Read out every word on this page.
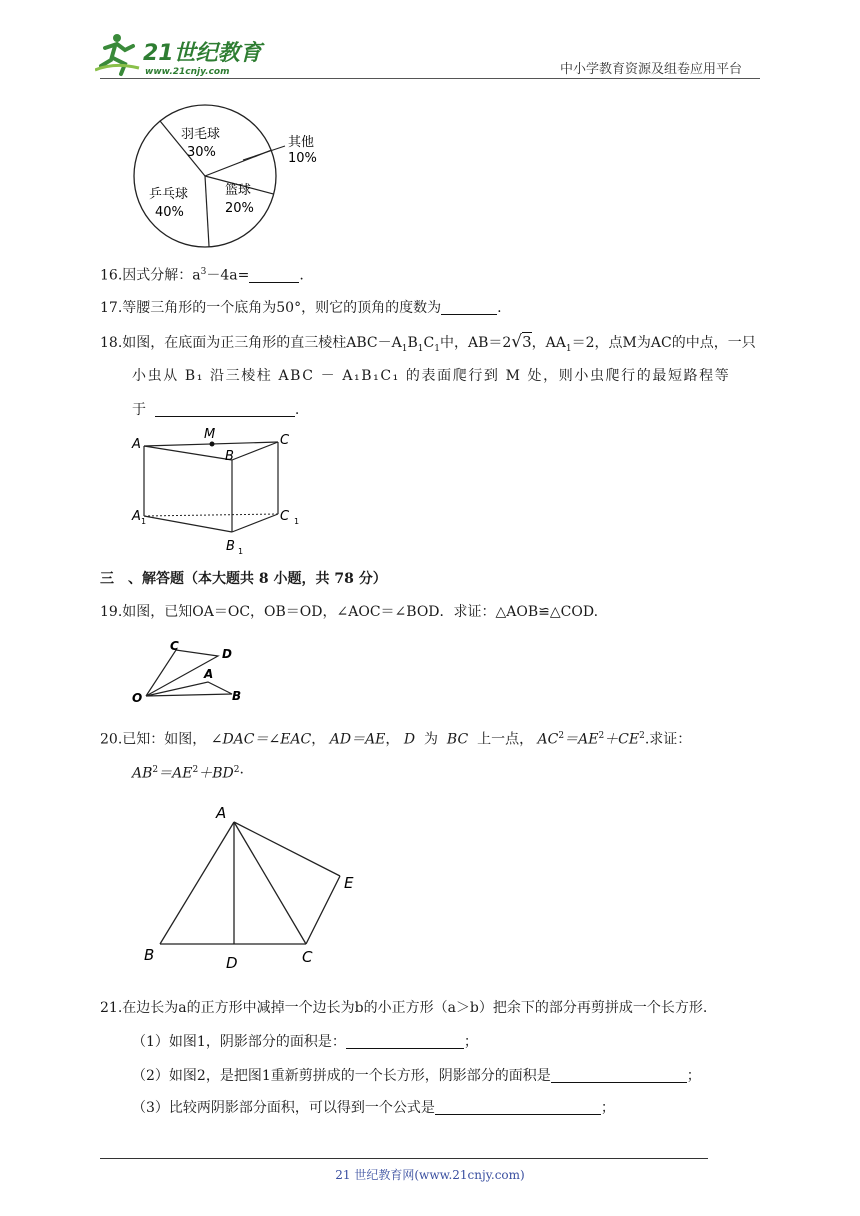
21世纪教育
www.21cnjy.com	中小学教育资源及组卷应用平台
羽毛球
30%
其他
10%
篮球
20%
乒乓球
40%
16.因式分解：$a^3-4a=$	.
17.等腰三角形的一个底角为50°，则它的顶角的度数为	.
18.如图，在底面为正三角形的直三棱柱$ABC-A_1B_1C_1$中，AB＝2√3，$AA_1=2$，点M为AC的中点，一只
小虫从 B₁ 沿三棱柱 ABC － A₁B₁C₁ 的表面爬行到 M 处，则小虫爬行的最短路程等
于	.
A
M	C
B
A 1	C 1
B 1
三　、解答题（本大题共 8 小题，共 78 分）
19.如图，已知OA＝OC，OB＝OD，∠AOC＝∠BOD．求证：△AOB≌△COD.
C
D
A
O	B
20.已知：如图， ∠DAC＝∠EAC， AD＝AE， D 为 BC 上一点， $AC^2=AE^2+CE^2$.求证：
$AB^2=AE^2+BD^2\cdot$
A
E
B	D	C
21.在边长为a的正方形中减掉一个边长为b的小正方形（a＞b）把余下的部分再剪拼成一个长方形.
（1）如图1，阴影部分的面积是：	；
（2）如图2，是把图1重新剪拼成的一个长方形，阴影部分的面积是	；
（3）比较两阴影部分面积，可以得到一个公式是	；
21 世纪教育网(www.21cnjy.com)
